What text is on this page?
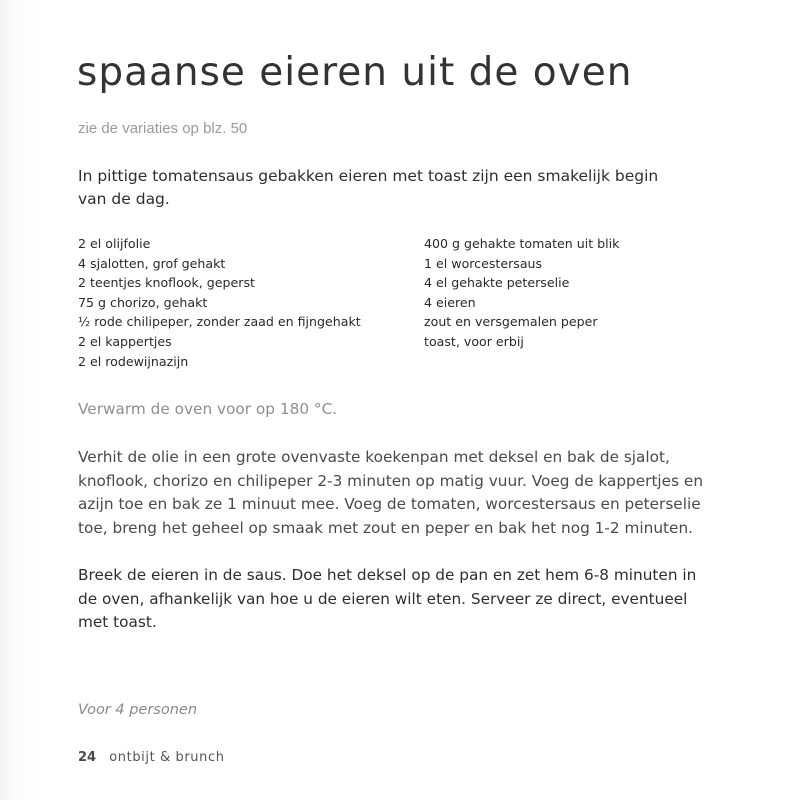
spaanse eieren uit de oven
zie de variaties op blz. 50

In pittige tomatensaus gebakken eieren met toast zijn een smakelijk begin van de dag.

2 el olijfolie
4 sjalotten, grof gehakt
2 teentjes knoflook, geperst
75 g chorizo, gehakt
½ rode chilipeper, zonder zaad en fijngehakt
2 el kappertjes
2 el rodewijnazijn
400 g gehakte tomaten uit blik
1 el worcestersaus
4 el gehakte peterselie
4 eieren
zout en versgemalen peper
toast, voor erbij

Verwarm de oven voor op 180 °C.

Verhit de olie in een grote ovenvaste koekenpan met deksel en bak de sjalot, knoflook, chorizo en chilipeper 2-3 minuten op matig vuur. Voeg de kappertjes en azijn toe en bak ze 1 minuut mee. Voeg de tomaten, worcestersaus en peterselie toe, breng het geheel op smaak met zout en peper en bak het nog 1-2 minuten.

Breek de eieren in de saus. Doe het deksel op de pan en zet hem 6-8 minuten in de oven, afhankelijk van hoe u de eieren wilt eten. Serveer ze direct, eventueel met toast.

Voor 4 personen
24 ontbijt & brunch
